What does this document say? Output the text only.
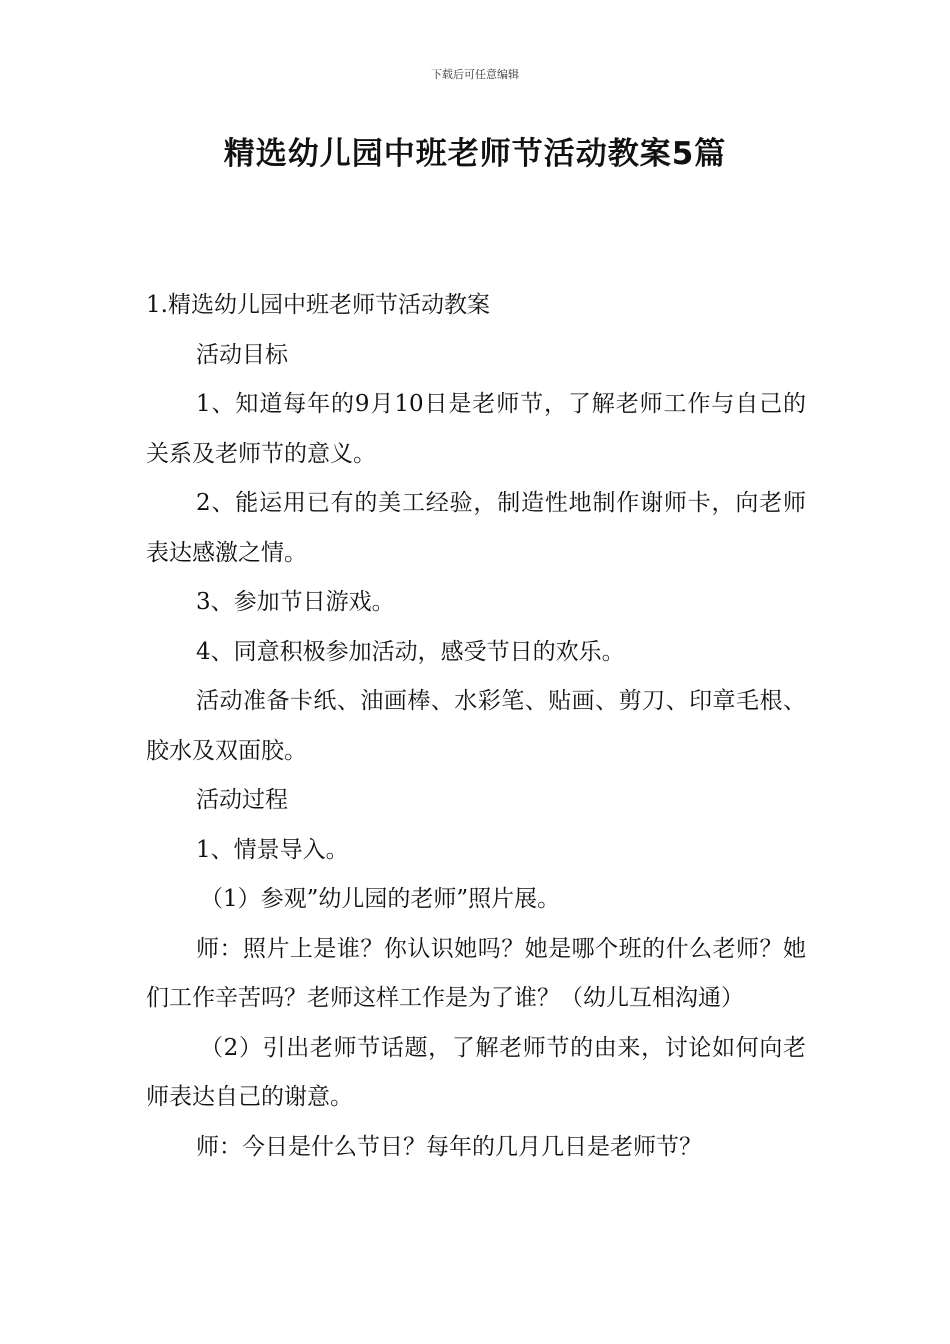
下载后可任意编辑
精选幼儿园中班老师节活动教案5篇

1.精选幼儿园中班老师节活动教案

活动目标

1、知道每年的9月10日是老师节，了解老师工作与自己的关系及老师节的意义。

2、能运用已有的美工经验，制造性地制作谢师卡，向老师表达感激之情。

3、参加节日游戏。

4、同意积极参加活动，感受节日的欢乐。

活动准备卡纸、油画棒、水彩笔、贴画、剪刀、印章毛根、胶水及双面胶。

活动过程

1、情景导入。

（1）参观”幼儿园的老师”照片展。

师：照片上是谁？你认识她吗？她是哪个班的什么老师？她们工作辛苦吗？老师这样工作是为了谁？（幼儿互相沟通）

（2）引出老师节话题，了解老师节的由来，讨论如何向老师表达自己的谢意。

师：今日是什么节日？每年的几月几日是老师节？
